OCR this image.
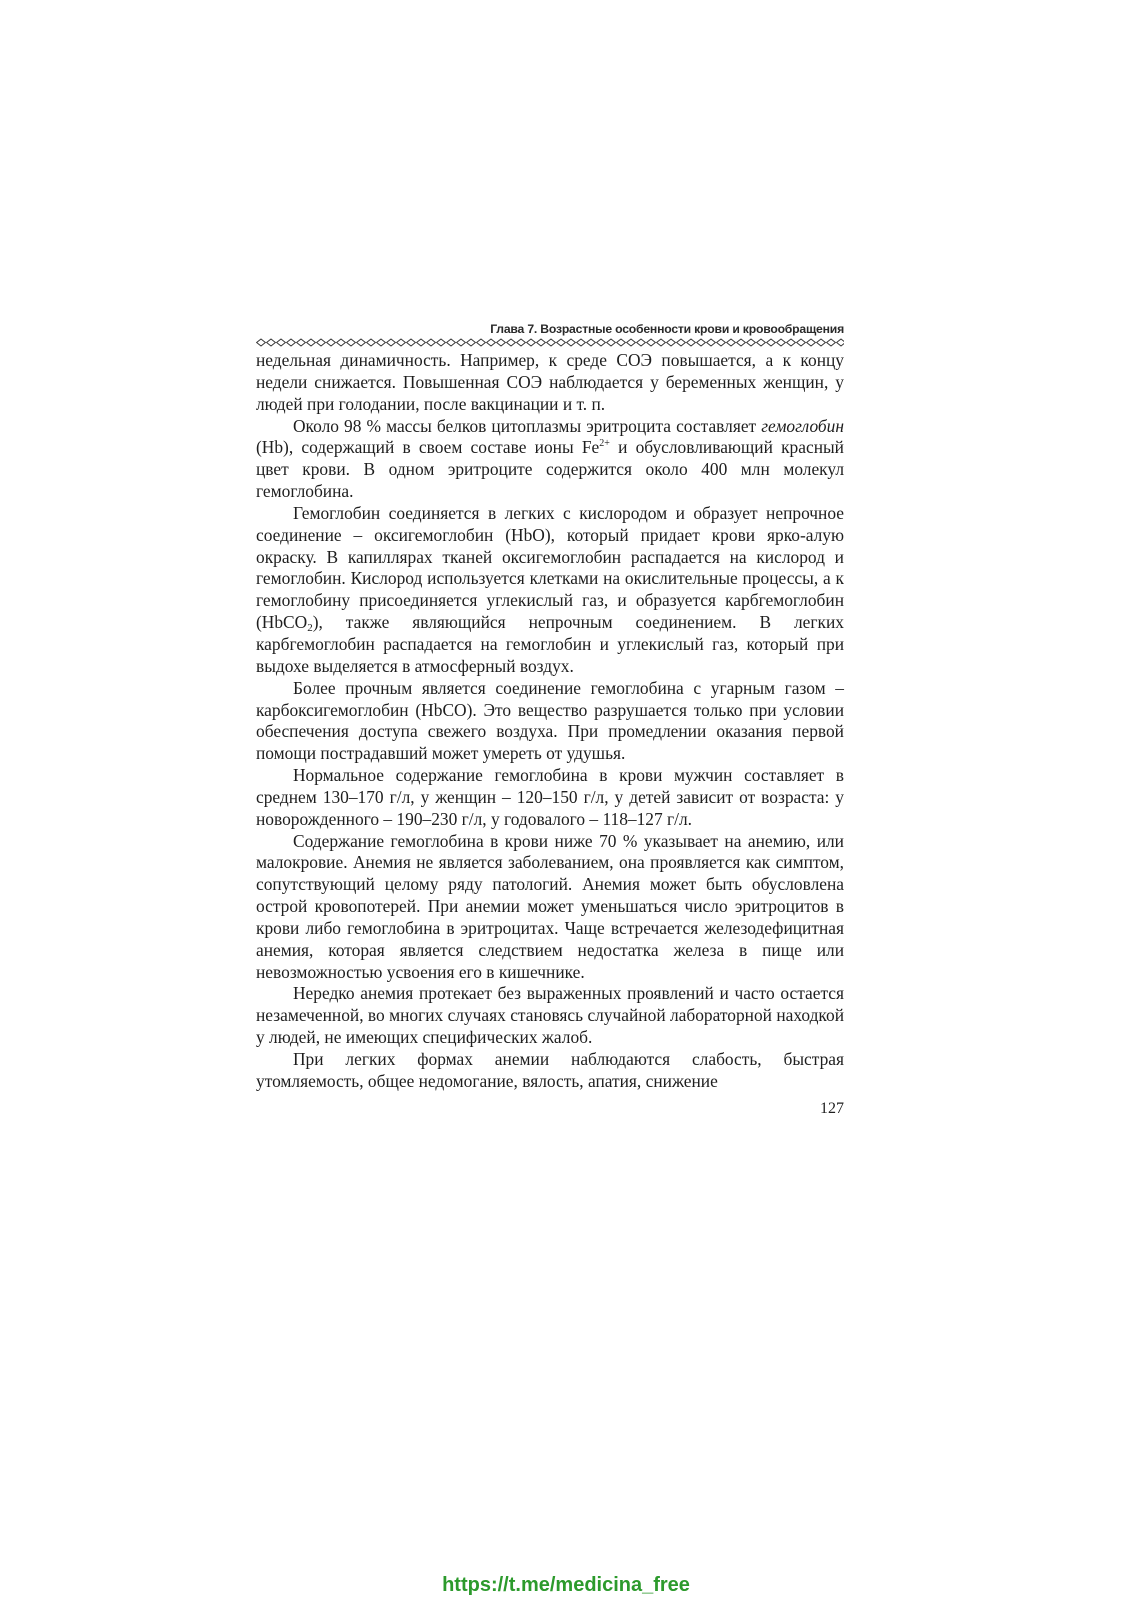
Глава 7. Возрастные особенности крови и кровообращения

недельная динамичность. Например, к среде СОЭ повышается, а к концу недели снижается. Повышенная СОЭ наблюдается у беременных женщин, у людей при голодании, после вакцинации и т. п.

Около 98 % массы белков цитоплазмы эритроцита составляет гемоглобин (Hb), содержащий в своем составе ионы $Fe^{2+}$ и обусловливающий красный цвет крови. В одном эритроците содержится около 400 млн молекул гемоглобина.

Гемоглобин соединяется в легких с кислородом и образует непрочное соединение – оксигемоглобин (HbO), который придает крови ярко-алую окраску. В капиллярах тканей оксигемоглобин распадается на кислород и гемоглобин. Кислород используется клетками на окислительные процессы, а к гемоглобину присоединяется углекислый газ, и образуется карбгемоглобин (HbCO$_2$), также являющийся непрочным соединением. В легких карбгемоглобин распадается на гемоглобин и углекислый газ, который при выдохе выделяется в атмосферный воздух.

Более прочным является соединение гемоглобина с угарным газом – карбоксигемоглобин (HbCO). Это вещество разрушается только при условии обеспечения доступа свежего воздуха. При промедлении оказания первой помощи пострадавший может умереть от удушья.

Нормальное содержание гемоглобина в крови мужчин составляет в среднем 130–170 г/л, у женщин – 120–150 г/л, у детей зависит от возраста: у новорожденного – 190–230 г/л, у годовалого – 118–127 г/л.

Содержание гемоглобина в крови ниже 70 % указывает на анемию, или малокровие. Анемия не является заболеванием, она проявляется как симптом, сопутствующий целому ряду патологий. Анемия может быть обусловлена острой кровопотерей. При анемии может уменьшаться число эритроцитов в крови либо гемоглобина в эритроцитах. Чаще встречается железодефицитная анемия, которая является следствием недостатка железа в пище или невозможностью усвоения его в кишечнике.

Нередко анемия протекает без выраженных проявлений и часто остается незамеченной, во многих случаях становясь случайной лабораторной находкой у людей, не имеющих специфических жалоб.

При легких формах анемии наблюдаются слабость, быстрая утомляемость, общее недомогание, вялость, апатия, снижение

127
https://t.me/medicina_free
